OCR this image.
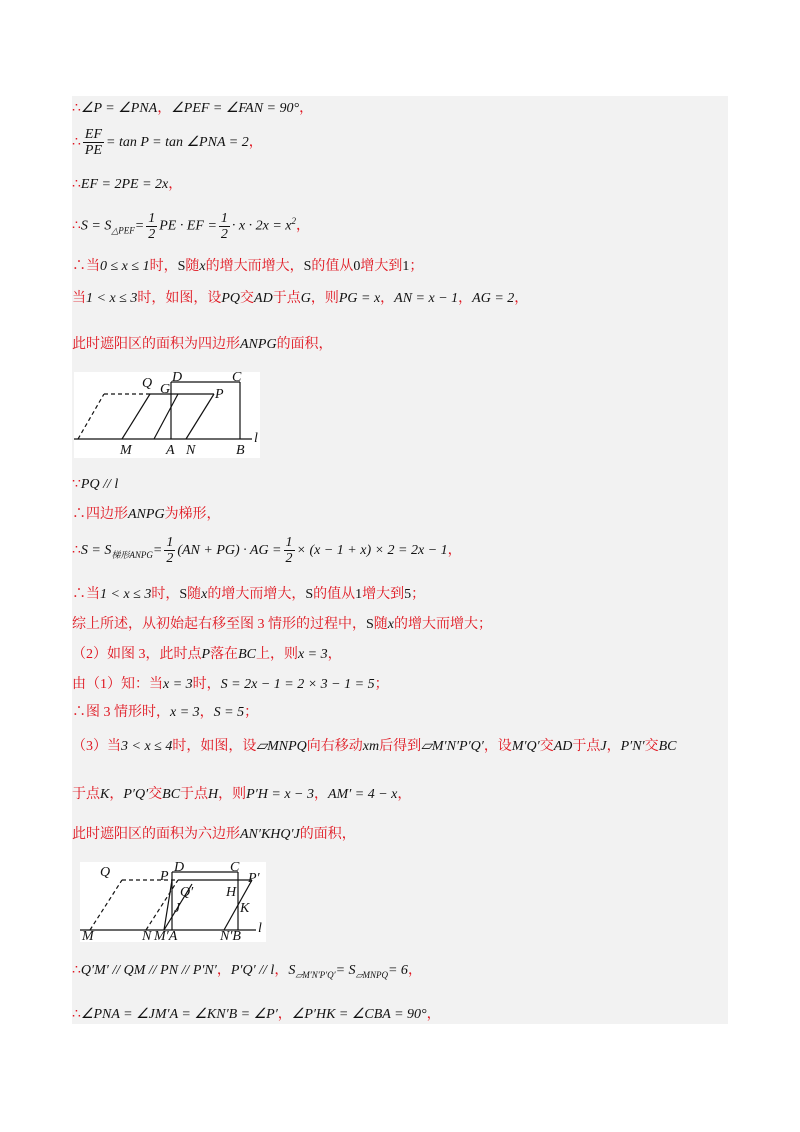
∴∠P = ∠PNA，∠PEF = ∠FAN = 90°，
∴ $\frac{EF}{PE} = \tan P = \tan$ ∠PNA = 2，
∴EF = 2PE = 2x，
∴S = $S_{\triangle PEF}= \frac{1}{2}$ PE · EF = $\frac{1}{2} \cdot x \cdot 2x = x^2$，
∴当0 ≤ x ≤ 1时，S随x的增大而增大，S的值从0增大到1；
当1 < x ≤ 3时，如图，设PQ交AD于点G，则PG = x，AN = x − 1，AG = 2，
此时遮阳区的面积为四边形ANPG的面积，
Q D	C
G	P
l
M A N	B
∵PQ // l
∴四边形ANPG为梯形，
∴S = $S_{梯形ANPG}= \frac{1}{2} (AN + PG)$ · AG = $\frac{1}{2} \times (x - 1 + x) \times 2 = 2x - 1$，
∴当1 < x ≤ 3时，S随x的增大而增大，S的值从1增大到5；
综上所述，从初始起右移至图 3 情形的过程中，S随x的增大而增大；
（2）如图 3，此时点P落在BC上，则x = 3，
由（1）知：当x = 3时，S = 2x − 1 = 2 × 3 − 1 = 5；
∴图 3 情形时，x = 3，S = 5；
（3）当3 < x ≤ 4时，如图，设▱MNPQ向右移动xm后得到▱M′N′P′Q′，设M′Q′交AD于点J，P′N′交BC
于点K，P′Q′交BC于点H，则P′H = x − 3，AM′ = 4 − x，
此时遮阳区的面积为六边形AN′KHQ′J的面积，
Q	D	C
P	P′
Q′ H
J	K
l
M	N M′A	N′B
∴Q′M′ // QM // PN // P′N′，P′Q′ // l，$S_{▱M'N'P'Q'}= S_{▱MNPQ}= 6$，
∴∠PNA = ∠JM′A = ∠KN′B = ∠P′，∠P′HK = ∠CBA = 90°，
